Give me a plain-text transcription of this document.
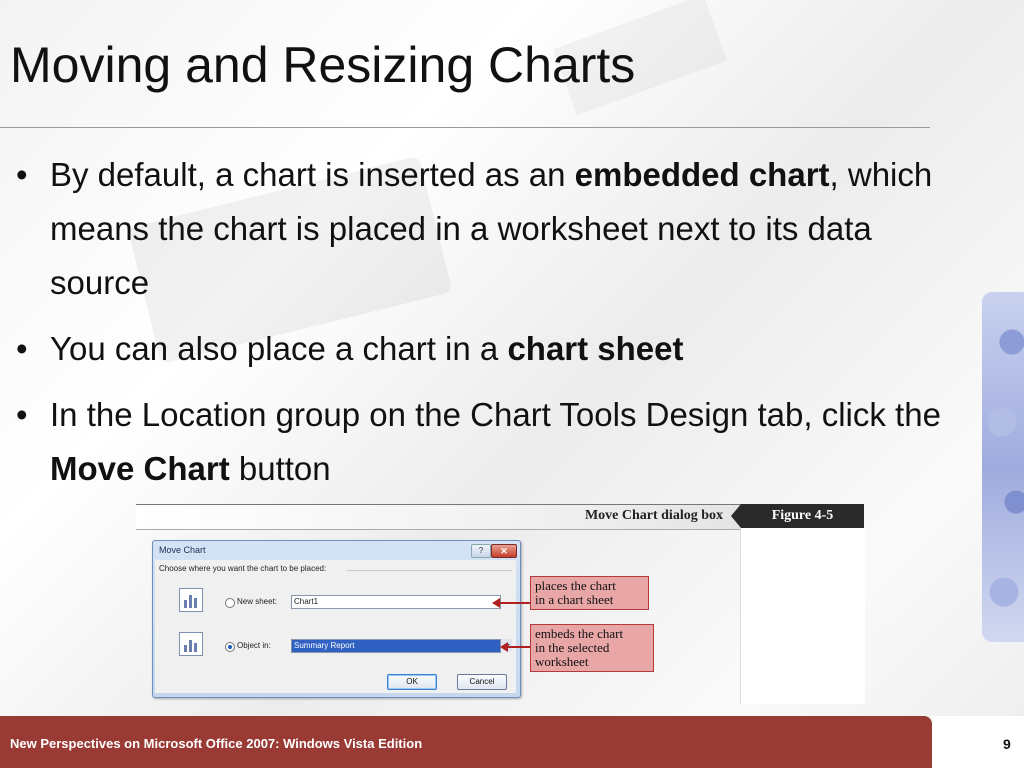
Moving and Resizing Charts
• By default, a chart is inserted as an embedded chart, which means the chart is placed in a worksheet next to its data source
• You can also place a chart in a chart sheet
• In the Location group on the Chart Tools Design tab, click the Move Chart button
Move Chart dialog box	Figure 4-5
Move Chart	?	✕
Choose where you want the chart to be placed:
New sheet:	Chart1
Object in:	Summary Report
OK	Cancel
places the chart
in a chart sheet
embeds the chart
in the selected
worksheet
New Perspectives on Microsoft Office 2007: Windows Vista Edition	9
